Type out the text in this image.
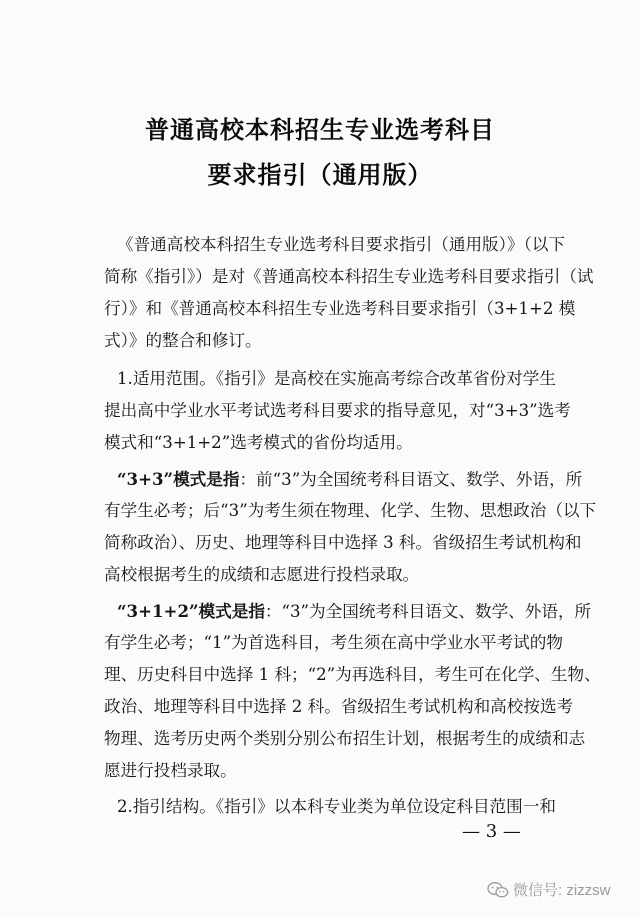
普通高校本科招生专业选考科目
要求指引（通用版）
《普通高校本科招生专业选考科目要求指引（通用版）》（以下
简称《指引》）是对《普通高校本科招生专业选考科目要求指引（试
行）》和《普通高校本科招生专业选考科目要求指引（3+1+2 模
式）》的整合和修订。
1.适用范围。《指引》是高校在实施高考综合改革省份对学生
提出高中学业水平考试选考科目要求的指导意见，对“3+3”选考
模式和“3+1+2”选考模式的省份均适用。
“3+3”模式是指：前“3”为全国统考科目语文、数学、外语，所
有学生必考；后“3”为考生须在物理、化学、生物、思想政治（以下
简称政治）、历史、地理等科目中选择 3 科。省级招生考试机构和
高校根据考生的成绩和志愿进行投档录取。
“3+1+2”模式是指：“3”为全国统考科目语文、数学、外语，所
有学生必考；“1”为首选科目，考生须在高中学业水平考试的物
理、历史科目中选择 1 科；“2”为再选科目，考生可在化学、生物、
政治、地理等科目中选择 2 科。省级招生考试机构和高校按选考
物理、选考历史两个类别分别公布招生计划，根据考生的成绩和志
愿进行投档录取。
2.指引结构。《指引》以本科专业类为单位设定科目范围一和
— 3 —
微信号: zizzsw
